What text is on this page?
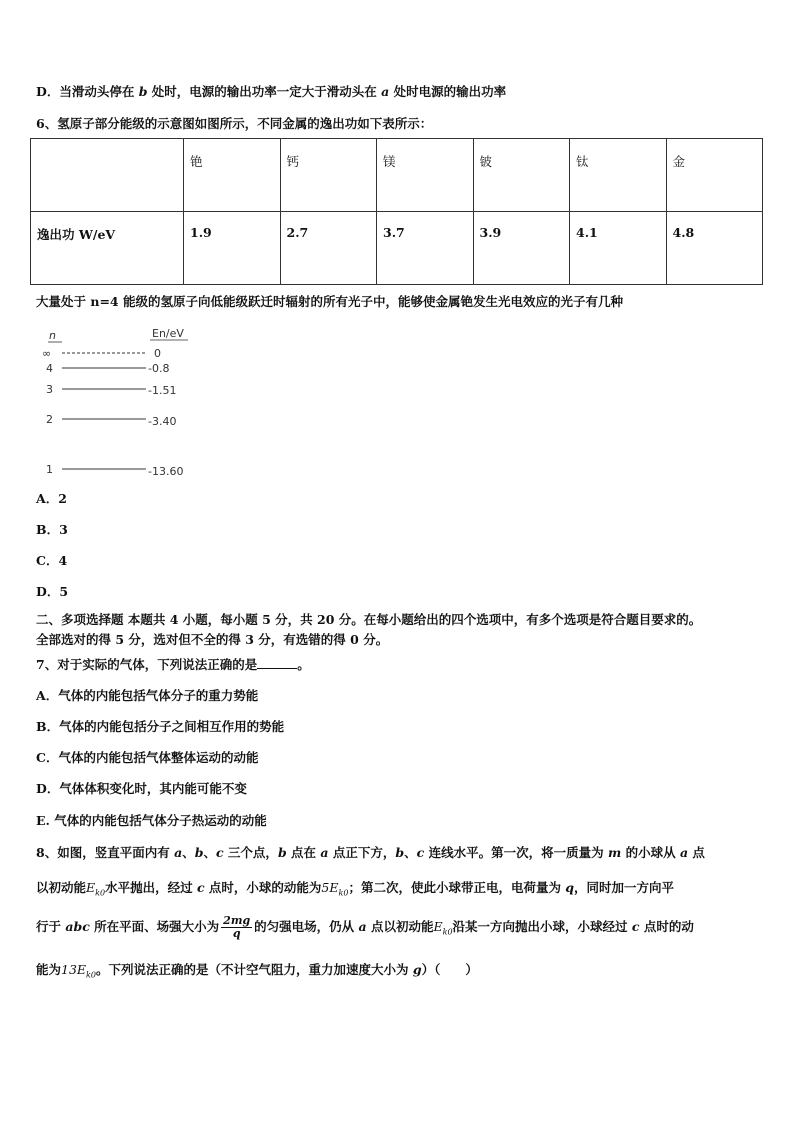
D．当滑动头停在 b 处时，电源的输出功率一定大于滑动头在 a 处时电源的输出功率
6、氢原子部分能级的示意图如图所示，不同金属的逸出功如下表所示：
	铯	钙	镁	铍	钛	金
逸出功 W/eV	1.9	2.7	3.7	3.9	4.1	4.8
大量处于 n=4 能级的氢原子向低能级跃迁时辐射的所有光子中，能够使金属铯发生光电效应的光子有几种
n	En/eV
∞	0
4	-0.8
3	-1.51
2	-3.40
1	-13.60
A．2
B．3
C．4
D．5
二、多项选择题 本题共 4 小题，每小题 5 分，共 20 分。在每小题给出的四个选项中，有多个选项是符合题目要求的。
全部选对的得 5 分，选对但不全的得 3 分，有选错的得 0 分。
7、对于实际的气体，下列说法正确的是	。
A．气体的内能包括气体分子的重力势能
B．气体的内能包括分子之间相互作用的势能
C．气体的内能包括气体整体运动的动能
D．气体体积变化时，其内能可能不变
E. 气体的内能包括气体分子热运动的动能
8、如图，竖直平面内有 a、b、c 三个点，b 点在 a 点正下方，b、c 连线水平。第一次，将一质量为 m 的小球从 a 点
以初动能$E_{k0}$水平抛出，经过 c 点时，小球的动能为$5E_{k0}$；第二次，使此小球带正电，电荷量为 q，同时加一方向平
行于 abc 所在平面、场强大小为 $\frac{2mg}{q}$ 的匀强电场，仍从 a 点以初动能$E_{k0}$沿某一方向抛出小球，小球经过 c 点时的动
能为$13E_{k0}$。下列说法正确的是（不计空气阻力，重力加速度大小为 g）（　　）
